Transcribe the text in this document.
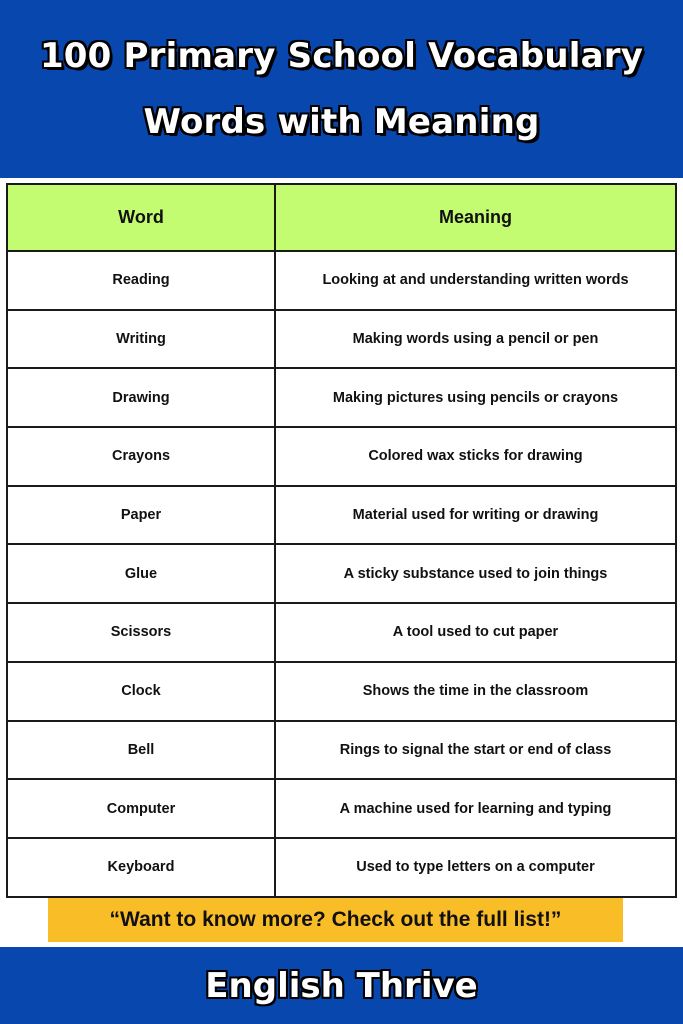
100 Primary School Vocabulary
Words with Meaning
Word	Meaning
Reading	Looking at and understanding written words
Writing	Making words using a pencil or pen
Drawing	Making pictures using pencils or crayons
Crayons	Colored wax sticks for drawing
Paper	Material used for writing or drawing
Glue	A sticky substance used to join things
Scissors	A tool used to cut paper
Clock	Shows the time in the classroom
Bell	Rings to signal the start or end of class
Computer	A machine used for learning and typing
Keyboard	Used to type letters on a computer
“Want to know more? Check out the full list!”
English Thrive
